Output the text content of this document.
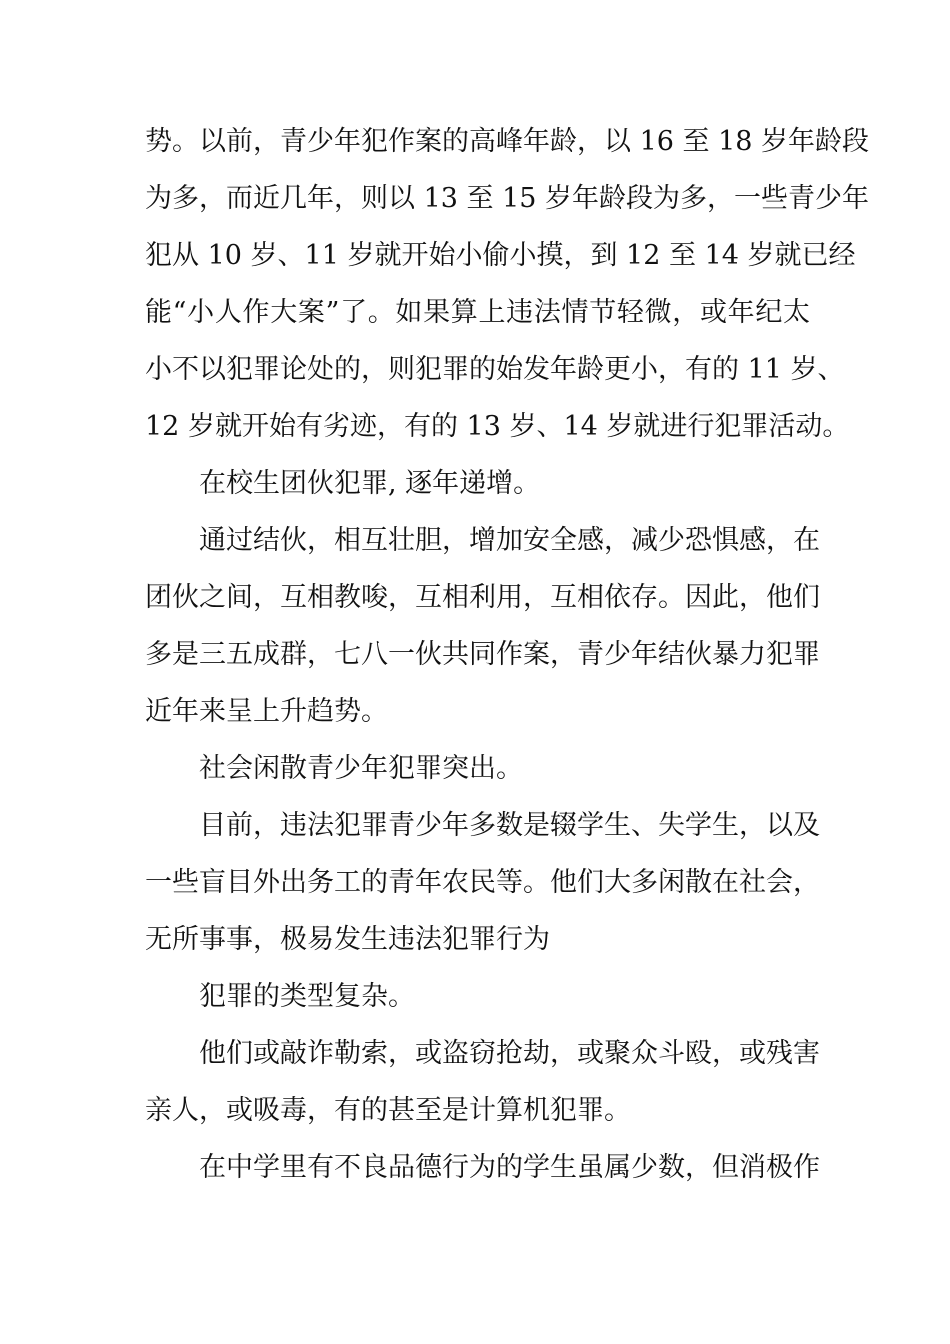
势。以前，青少年犯作案的高峰年龄，以 16 至 18 岁年龄段
为多，而近几年，则以 13 至 15 岁年龄段为多，一些青少年
犯从 10 岁、11 岁就开始小偷小摸，到 12 至 14 岁就已经
能“小人作大案”了。如果算上违法情节轻微，或年纪太
小不以犯罪论处的，则犯罪的始发年龄更小，有的 11 岁、
12 岁就开始有劣迹，有的 13 岁、14 岁就进行犯罪活动。
在校生团伙犯罪, 逐年递增。
通过结伙，相互壮胆，增加安全感，减少恐惧感，在
团伙之间，互相教唆，互相利用，互相依存。因此，他们
多是三五成群，七八一伙共同作案，青少年结伙暴力犯罪
近年来呈上升趋势。
社会闲散青少年犯罪突出。
目前，违法犯罪青少年多数是辍学生、失学生，以及
一些盲目外出务工的青年农民等。他们大多闲散在社会，
无所事事，极易发生违法犯罪行为
犯罪的类型复杂。
他们或敲诈勒索，或盗窃抢劫，或聚众斗殴，或残害
亲人，或吸毒，有的甚至是计算机犯罪。
在中学里有不良品德行为的学生虽属少数，但消极作
